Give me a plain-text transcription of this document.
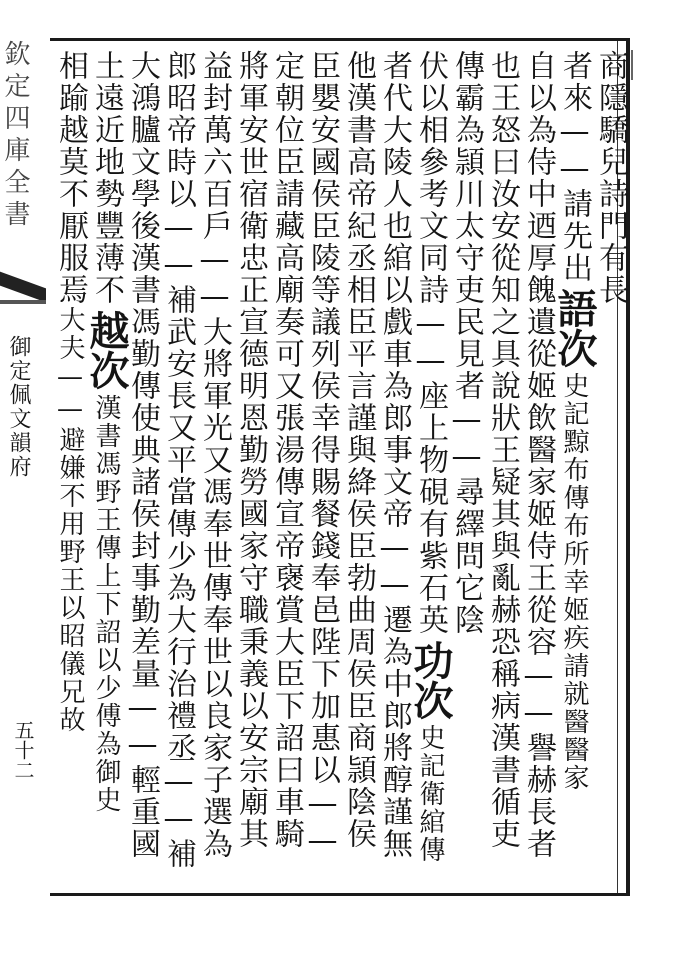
欽定四庫全書
御定佩文韻府
五十二
商隱驕兒詩門有長
者來——請先出語次史記黥布傳布所幸姬疾請就醫醫家
自以為侍中迺厚餽遺從姬飲醫家姬侍王從容——譽赫長者
也王怒曰汝安從知之具說狀王疑其與亂赫恐稱病漢書循吏
傳霸為頴川太守吏民見者——尋繹問它陰
伏以相參考文同詩——座上物硯有紫石英功次史記衛綰傳
者代大陵人也綰以戲車為郎事文帝——遷為中郎將醇謹無
他漢書高帝紀丞相臣平言謹與絳侯臣勃曲周侯臣商頴陰侯
臣嬰安國侯臣陵等議列侯幸得賜餐錢奉邑陛下加惠以——
定朝位臣請藏高廟奏可又張湯傳宣帝襃賞大臣下詔曰車騎
將軍安世宿衛忠正宣德明恩勤勞國家守職秉義以安宗廟其
益封萬六百戶——大將軍光又馮奉世傳奉世以良家子選為
郎昭帝時以——補武安長又平當傳少為大行治禮丞——補
大鴻臚文學後漢書馮勤傳使典諸侯封事勤差量——輕重國
土遠近地勢豐薄不越次漢書馮野王傳上下詔以少傅為御史
相踰越莫不厭服焉大夫——避嫌不用野王以昭儀兄故
